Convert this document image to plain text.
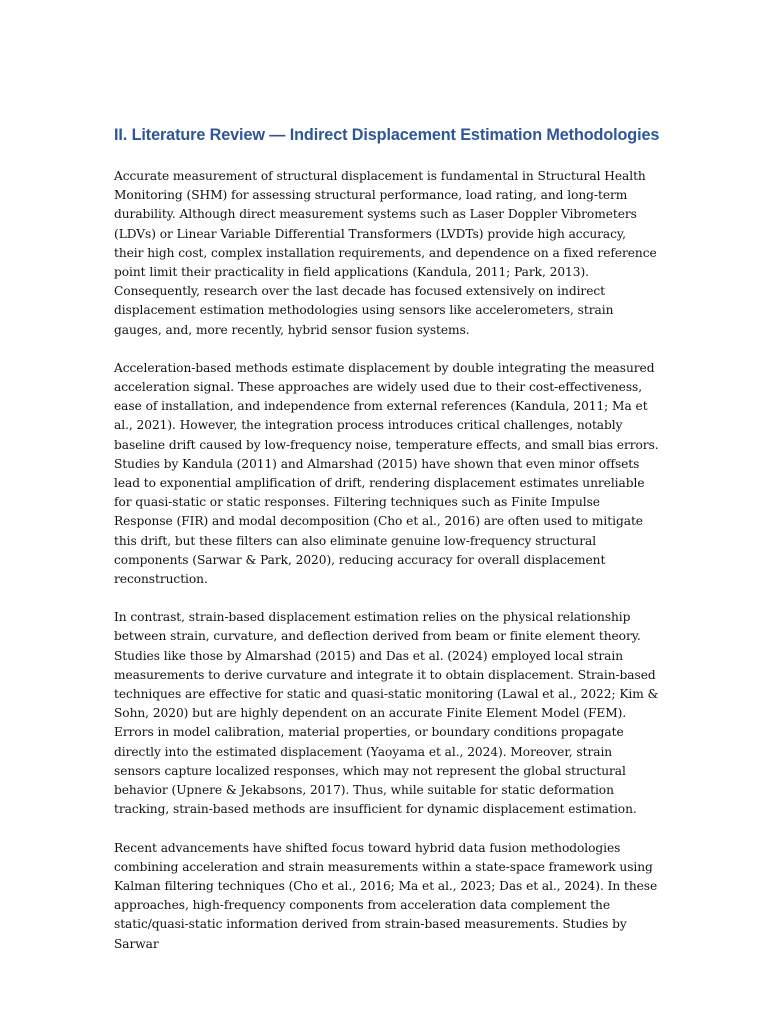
II. Literature Review — Indirect Displacement Estimation Methodologies

Accurate measurement of structural displacement is fundamental in Structural Health Monitoring (SHM) for assessing structural performance, load rating, and long-term durability. Although direct measurement systems such as Laser Doppler Vibrometers (LDVs) or Linear Variable Differential Transformers (LVDTs) provide high accuracy, their high cost, complex installation requirements, and dependence on a fixed reference point limit their practicality in field applications (Kandula, 2011; Park, 2013). Consequently, research over the last decade has focused extensively on indirect displacement estimation methodologies using sensors like accelerometers, strain gauges, and, more recently, hybrid sensor fusion systems.

Acceleration-based methods estimate displacement by double integrating the measured acceleration signal. These approaches are widely used due to their cost-effectiveness, ease of installation, and independence from external references (Kandula, 2011; Ma et al., 2021). However, the integration process introduces critical challenges, notably baseline drift caused by low-frequency noise, temperature effects, and small bias errors. Studies by Kandula (2011) and Almarshad (2015) have shown that even minor offsets lead to exponential amplification of drift, rendering displacement estimates unreliable for quasi-static or static responses. Filtering techniques such as Finite Impulse Response (FIR) and modal decomposition (Cho et al., 2016) are often used to mitigate this drift, but these filters can also eliminate genuine low-frequency structural components (Sarwar & Park, 2020), reducing accuracy for overall displacement reconstruction.

In contrast, strain-based displacement estimation relies on the physical relationship between strain, curvature, and deflection derived from beam or finite element theory. Studies like those by Almarshad (2015) and Das et al. (2024) employed local strain measurements to derive curvature and integrate it to obtain displacement. Strain-based techniques are effective for static and quasi-static monitoring (Lawal et al., 2022; Kim & Sohn, 2020) but are highly dependent on an accurate Finite Element Model (FEM). Errors in model calibration, material properties, or boundary conditions propagate directly into the estimated displacement (Yaoyama et al., 2024). Moreover, strain sensors capture localized responses, which may not represent the global structural behavior (Upnere & Jekabsons, 2017). Thus, while suitable for static deformation tracking, strain-based methods are insufficient for dynamic displacement estimation.

Recent advancements have shifted focus toward hybrid data fusion methodologies combining acceleration and strain measurements within a state-space framework using Kalman filtering techniques (Cho et al., 2016; Ma et al., 2023; Das et al., 2024). In these approaches, high-frequency components from acceleration data complement the static/quasi-static information derived from strain-based measurements. Studies by Sarwar
